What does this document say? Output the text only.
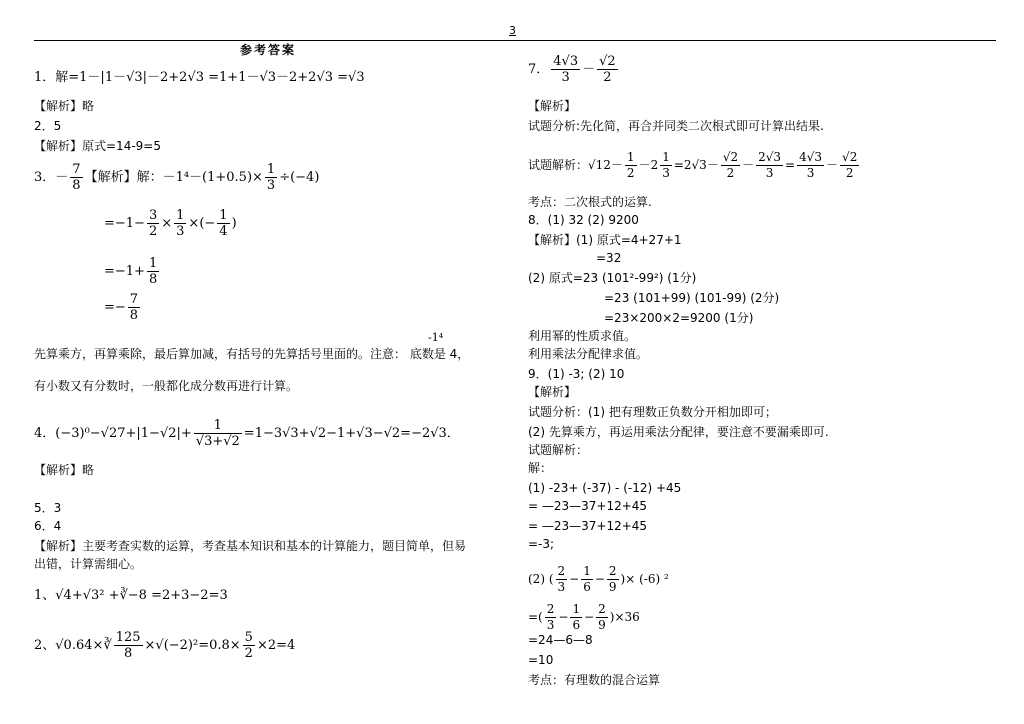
3
参考答案
1．解=1－|1－√3|－2+2√3 =1+1－√3－2+2√3 =√3
【解析】略
2．5
【解析】原式=14-9=5
3．－ $\frac{7}{8}$ 【解析】解：$-1^4-(1+0.5)\times \frac{1}{3} \div(-4)$
$=-1- \frac{3}{2} \times \frac{1}{3}$ ×(− $\frac{1}{4}$ )
$=-1+ \frac{1}{8}$
=− $\frac{7}{8}$
-1⁴
先算乘方，再算乘除，最后算加减，有括号的先算括号里面的。注意： 底数是 4，
有小数又有分数时，一般都化成分数再进行计算。
4．$(-3)^0-√27+|1-√2|+ \frac{1}{√3+√2} =1-3√3+√2-1+√3-√2=-2√3$．
【解析】略
5．3
6．4
【解析】主要考查实数的运算，考查基本知识和基本的计算能力，题目简单，但易
出错，计算需细心。
1、√4+√3² +∛−8 =2+3−2=3
2、√0.64×∛ $\frac{125}{8} \times√(-2)^2=0.8\times \frac{5}{2} \times 2=4$
7． $\frac{4√3}{3} - \frac{√2}{2}$
【解析】
试题分析:先化简，再合并同类二次根式即可计算出结果.
试题解析：$√12- \frac{1}{2} -2 \frac{1}{3} =2√3- \frac{√2}{2} - \frac{2√3}{3} = \frac{4√3}{3} - \frac{√2}{2}$
考点：二次根式的运算.
8．(1) 32 (2) 9200
【解析】(1) 原式=4+27+1
=32
(2) 原式=23 (101²-99²) (1分)
=23 (101+99) (101-99) (2分)
=23×200×2=9200 (1分)
利用幂的性质求值。
利用乘法分配律求值。
9．(1) -3; (2) 10
【解析】
试题分析：(1) 把有理数正负数分开相加即可；
(2) 先算乘方，再运用乘法分配律，要注意不要漏乘即可.
试题解析：
解：
(1) -23+ (-37) - (-12) +45
= —23—37+12+45
= —23—37+12+45
=-3;
(2) ( $\frac{2}{3} - \frac{1}{6} - \frac{2}{9}$ )× (-6) ²
=( $\frac{2}{3} - \frac{1}{6} - \frac{2}{9} )\times 36$
=24—6—8
=10
考点：有理数的混合运算
